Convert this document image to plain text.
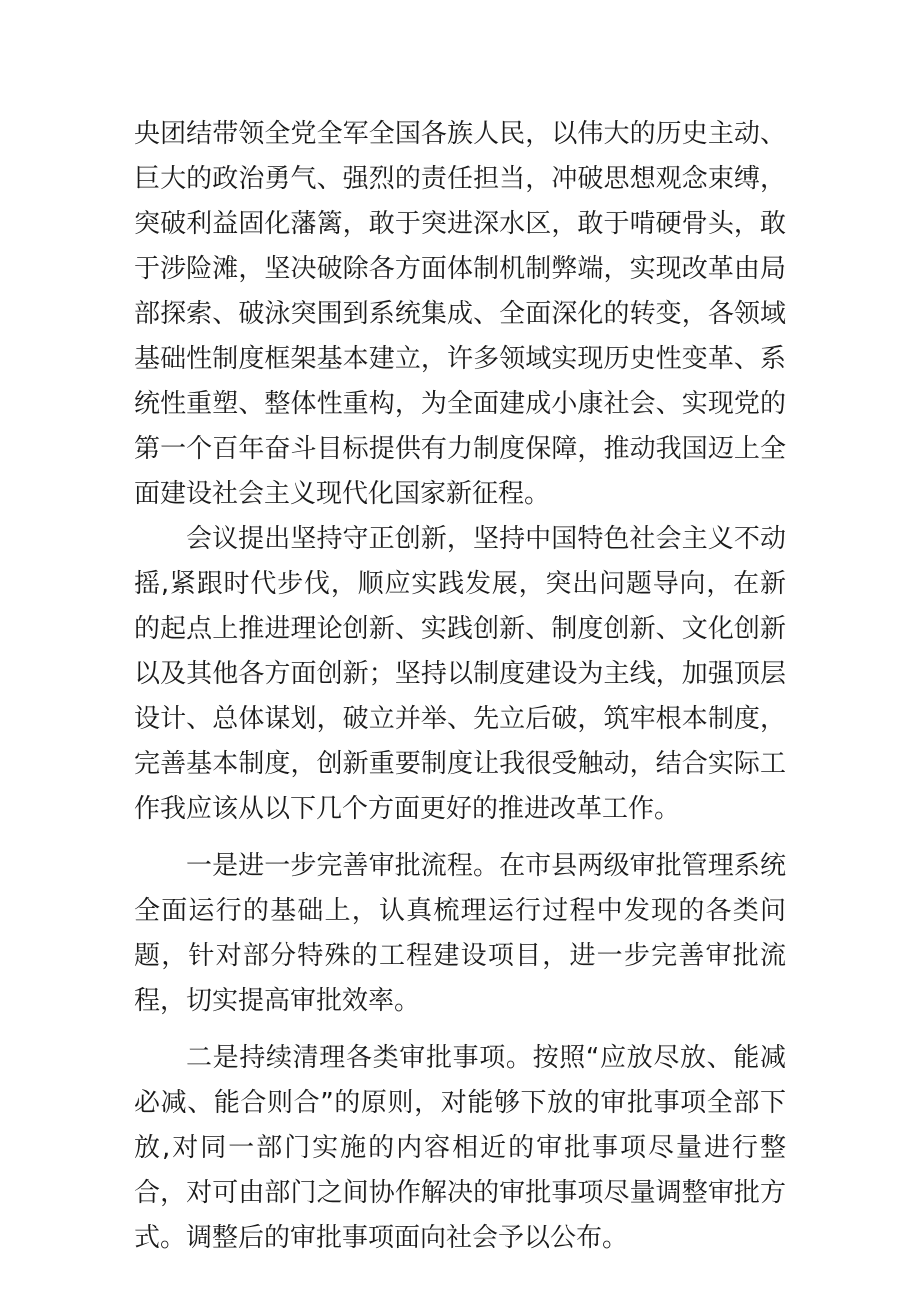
央团结带领全党全军全国各族人民，以伟大的历史主动、巨大的政治勇气、强烈的责任担当，冲破思想观念束缚，突破利益固化藩篱，敢于突进深水区，敢于啃硬骨头，敢于涉险滩，坚决破除各方面体制机制弊端，实现改革由局部探索、破泳突围到系统集成、全面深化的转变，各领域基础性制度框架基本建立，许多领域实现历史性变革、系统性重塑、整体性重构，为全面建成小康社会、实现党的第一个百年奋斗目标提供有力制度保障，推动我国迈上全面建设社会主义现代化国家新征程。

会议提出坚持守正创新，坚持中国特色社会主义不动摇,紧跟时代步伐，顺应实践发展，突出问题导向，在新的起点上推进理论创新、实践创新、制度创新、文化创新以及其他各方面创新；坚持以制度建设为主线，加强顶层设计、总体谋划，破立并举、先立后破，筑牢根本制度，完善基本制度，创新重要制度让我很受触动，结合实际工作我应该从以下几个方面更好的推进改革工作。

一是进一步完善审批流程。在市县两级审批管理系统全面运行的基础上，认真梳理运行过程中发现的各类问题，针对部分特殊的工程建设项目，进一步完善审批流程，切实提高审批效率。

二是持续清理各类审批事项。按照“应放尽放、能减必减、能合则合”的原则，对能够下放的审批事项全部下放,对同一部门实施的内容相近的审批事项尽量进行整合，对可由部门之间协作解决的审批事项尽量调整审批方式。调整后的审批事项面向社会予以公布。
